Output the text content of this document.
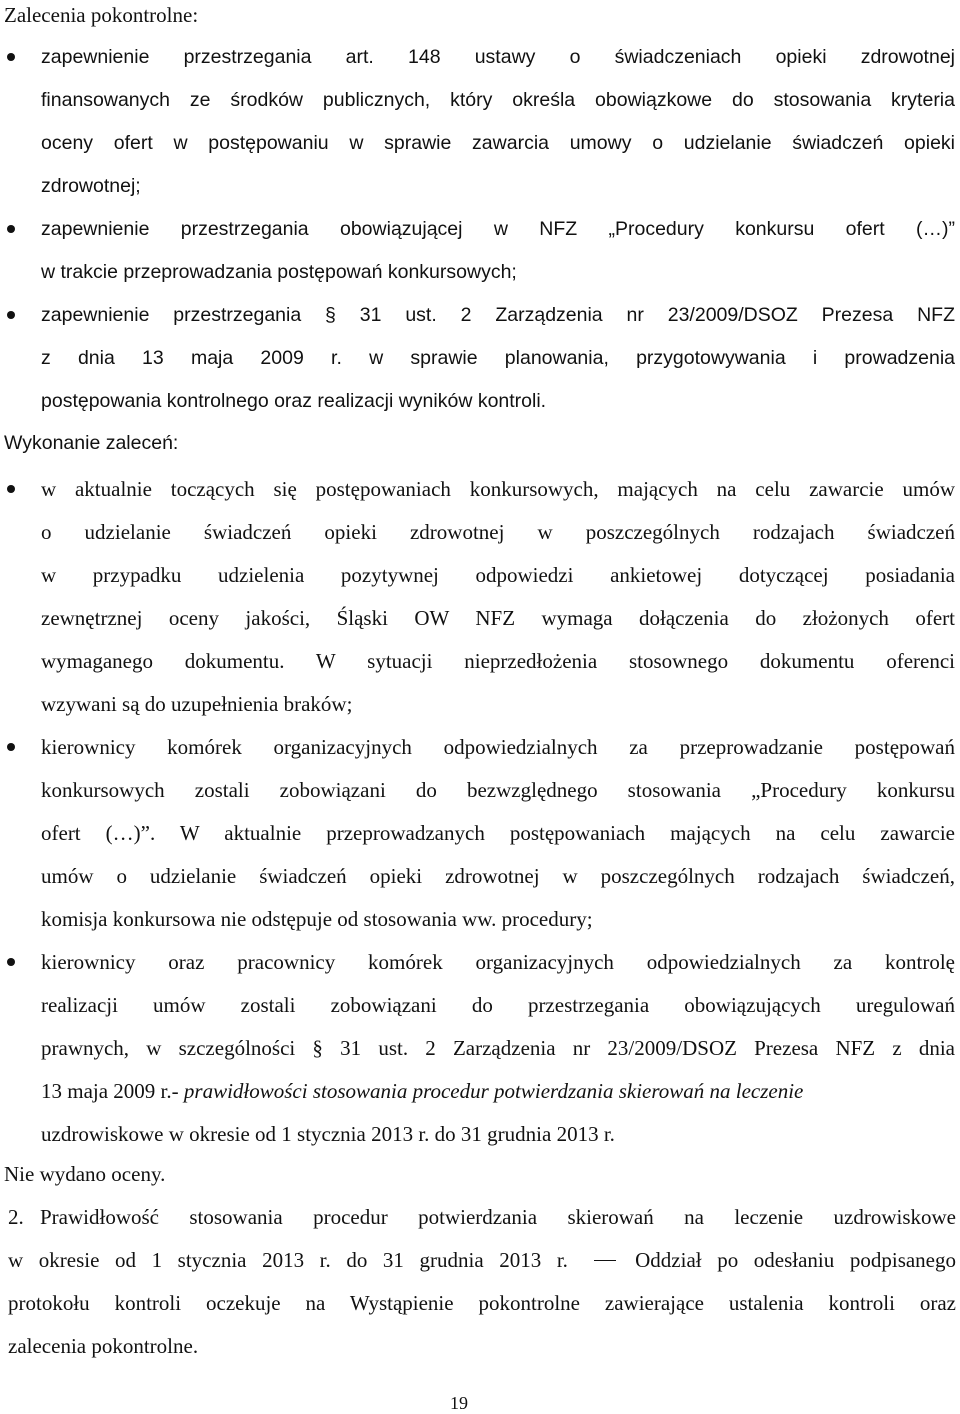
Zalecenia pokontrolne:
zapewnienie przestrzegania art. 148 ustawy o świadczeniach opieki zdrowotnej
finansowanych ze środków publicznych, który określa obowiązkowe do stosowania kryteria
oceny ofert w postępowaniu w sprawie zawarcia umowy o udzielanie świadczeń opieki
zdrowotnej;
zapewnienie przestrzegania obowiązującej w NFZ „Procedury konkursu ofert (…)”
w trakcie przeprowadzania postępowań konkursowych;
zapewnienie przestrzegania § 31 ust. 2 Zarządzenia nr 23/2009/DSOZ Prezesa NFZ
z dnia 13 maja 2009 r. w sprawie planowania, przygotowywania i prowadzenia
postępowania kontrolnego oraz realizacji wyników kontroli.
Wykonanie zaleceń:
w aktualnie toczących się postępowaniach konkursowych, mających na celu zawarcie umów
o udzielanie świadczeń opieki zdrowotnej w poszczególnych rodzajach świadczeń
w przypadku udzielenia pozytywnej odpowiedzi ankietowej dotyczącej posiadania
zewnętrznej oceny jakości, Śląski OW NFZ wymaga dołączenia do złożonych ofert
wymaganego dokumentu. W sytuacji nieprzedłożenia stosownego dokumentu oferenci
wzywani są do uzupełnienia braków;
kierownicy komórek organizacyjnych odpowiedzialnych za przeprowadzanie postępowań
konkursowych zostali zobowiązani do bezwzględnego stosowania „Procedury konkursu
ofert (…)”. W aktualnie przeprowadzanych postępowaniach mających na celu zawarcie
umów o udzielanie świadczeń opieki zdrowotnej w poszczególnych rodzajach świadczeń,
komisja konkursowa nie odstępuje od stosowania ww. procedury;
kierownicy oraz pracownicy komórek organizacyjnych odpowiedzialnych za kontrolę
realizacji umów zostali zobowiązani do przestrzegania obowiązujących uregulowań
prawnych, w szczególności § 31 ust. 2 Zarządzenia nr 23/2009/DSOZ Prezesa NFZ z dnia
13 maja 2009 r.- prawidłowości stosowania procedur potwierdzania skierowań na leczenie
uzdrowiskowe w okresie od 1 stycznia 2013 r. do 31 grudnia 2013 r.
Nie wydano oceny.
2. Prawidłowość stosowania procedur potwierdzania skierowań na leczenie uzdrowiskowe
w okresie od 1 stycznia 2013 r. do 31 grudnia 2013 r.	Oddział po odesłaniu podpisanego
protokołu kontroli oczekuje na Wystąpienie pokontrolne zawierające ustalenia kontroli oraz
zalecenia pokontrolne.
19
